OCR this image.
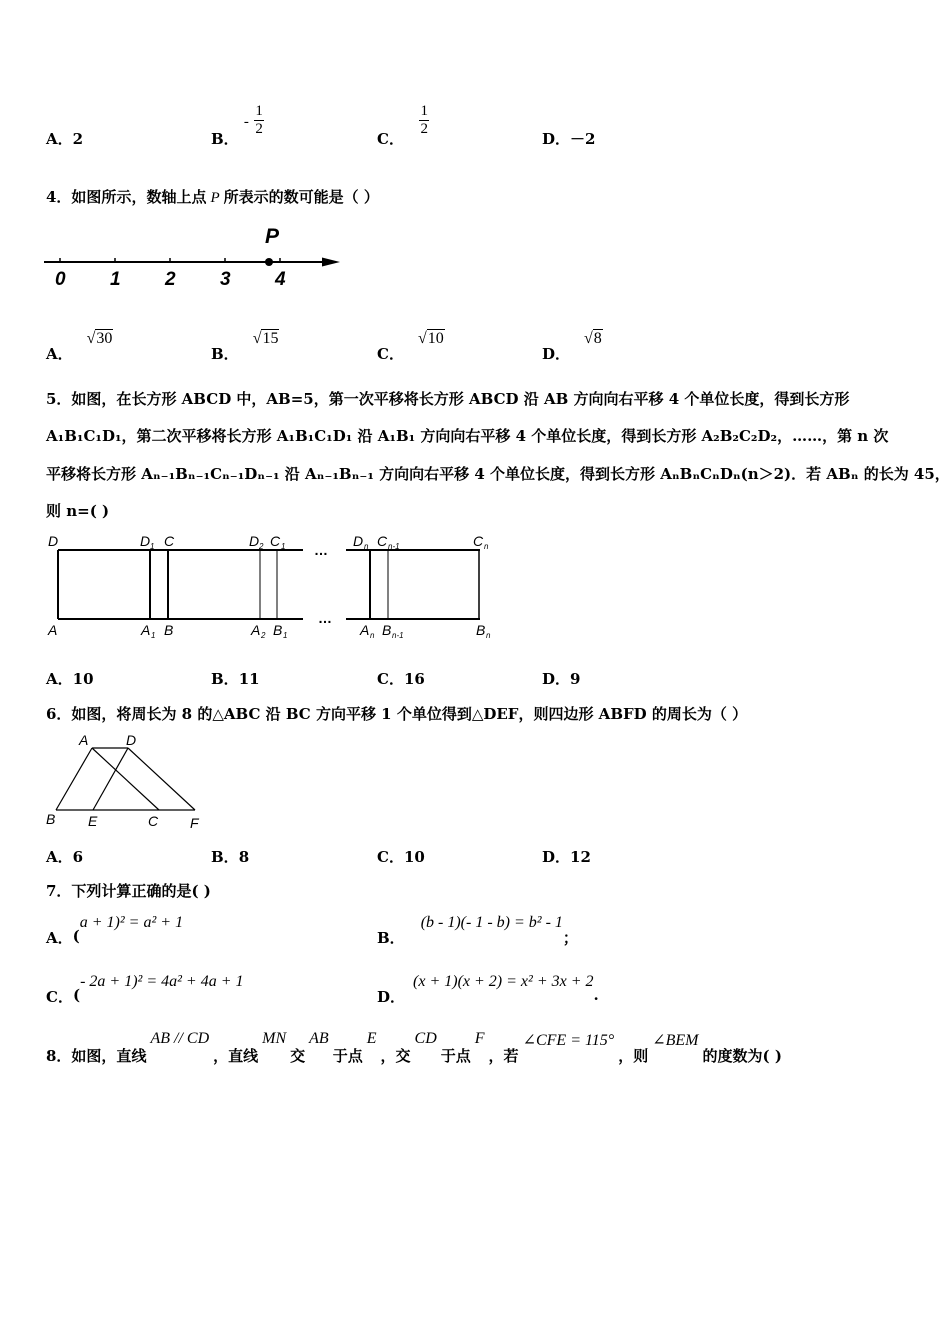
A．2	B． - $\frac{1}{2}$
C．
$\frac{1}{2}$
D．－2
4．如图所示，数轴上点 P 所表示的数可能是（ ）
0 1 2 3 4
P
A．√30
B．√15
C．√10
D．√8
5．如图，在长方形 ABCD 中，AB=5，第一次平移将长方形 ABCD 沿 AB 方向向右平移 4 个单位长度，得到长方形
A₁B₁C₁D₁，第二次平移将长方形 A₁B₁C₁D₁ 沿 A₁B₁ 方向向右平移 4 个单位长度，得到长方形 A₂B₂C₂D₂，……，第 n 次
平移将长方形 Aₙ₋₁Bₙ₋₁Cₙ₋₁Dₙ₋₁ 沿 Aₙ₋₁Bₙ₋₁ 方向向右平移 4 个单位长度，得到长方形 AₙBₙCₙDₙ(n＞2)．若 ABₙ 的长为 45，
则 n=( )
D	D 1 C	D 2 C 1 …
D n C n-1	C n
A	A 1 B	A 2 B 1
…
A n B n-1	B n
A．10	B．11	C．16	D．9
6．如图，将周长为 8 的△ABC 沿 BC 方向平移 1 个单位得到△DEF，则四边形 ABFD 的周长为（ ）
A	D
B E	C F
A．6	B．8	C．10	D．12
7．下列计算正确的是( )
A．(a + 1)² = a² + 1
B．(b - 1)(- 1 - b) = b² - 1；
C．(- 2a + 1)² = 4a² + 4a + 1
D．(x + 1)(x + 2) = x² + 3x + 2.
8．如图，直线AB // CD，直线MN交AB于点E，交CD于点F，若∠CFE = 115°，则∠BEM的度数为( )
